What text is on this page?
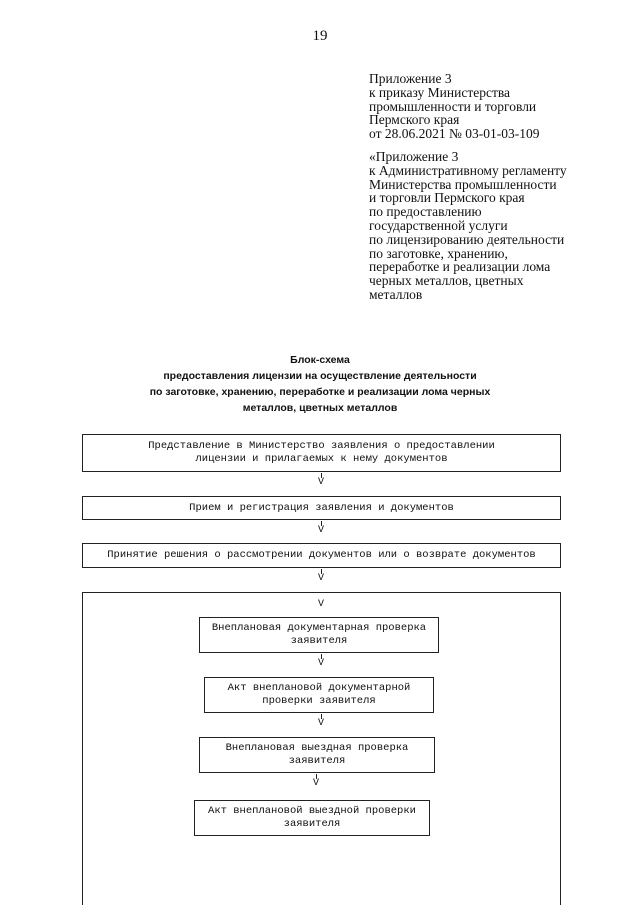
19
Приложение 3
к приказу Министерства
промышленности и торговли
Пермского края
от 28.06.2021 № 03-01-03-109
«Приложение 3
к Административному регламенту
Министерства промышленности
и торговли Пермского края
по предоставлению
государственной услуги
по лицензированию деятельности
по заготовке, хранению,
переработке и реализации лома
черных металлов, цветных
металлов
Блок-схема
предоставления лицензии на осуществление деятельности
по заготовке, хранению, переработке и реализации лома черных
металлов, цветных металлов
Представление в Министерство заявления о предоставлении
лицензии и прилагаемых к нему документов
V
Прием и регистрация заявления и документов
V
Принятие решения о рассмотрении документов или о возврате документов
V
V
Внеплановая документарная проверка
заявителя
V
Акт внеплановой документарной
проверки заявителя
V
Внеплановая выездная проверка
заявителя
V
Акт внеплановой выездной проверки
заявителя
